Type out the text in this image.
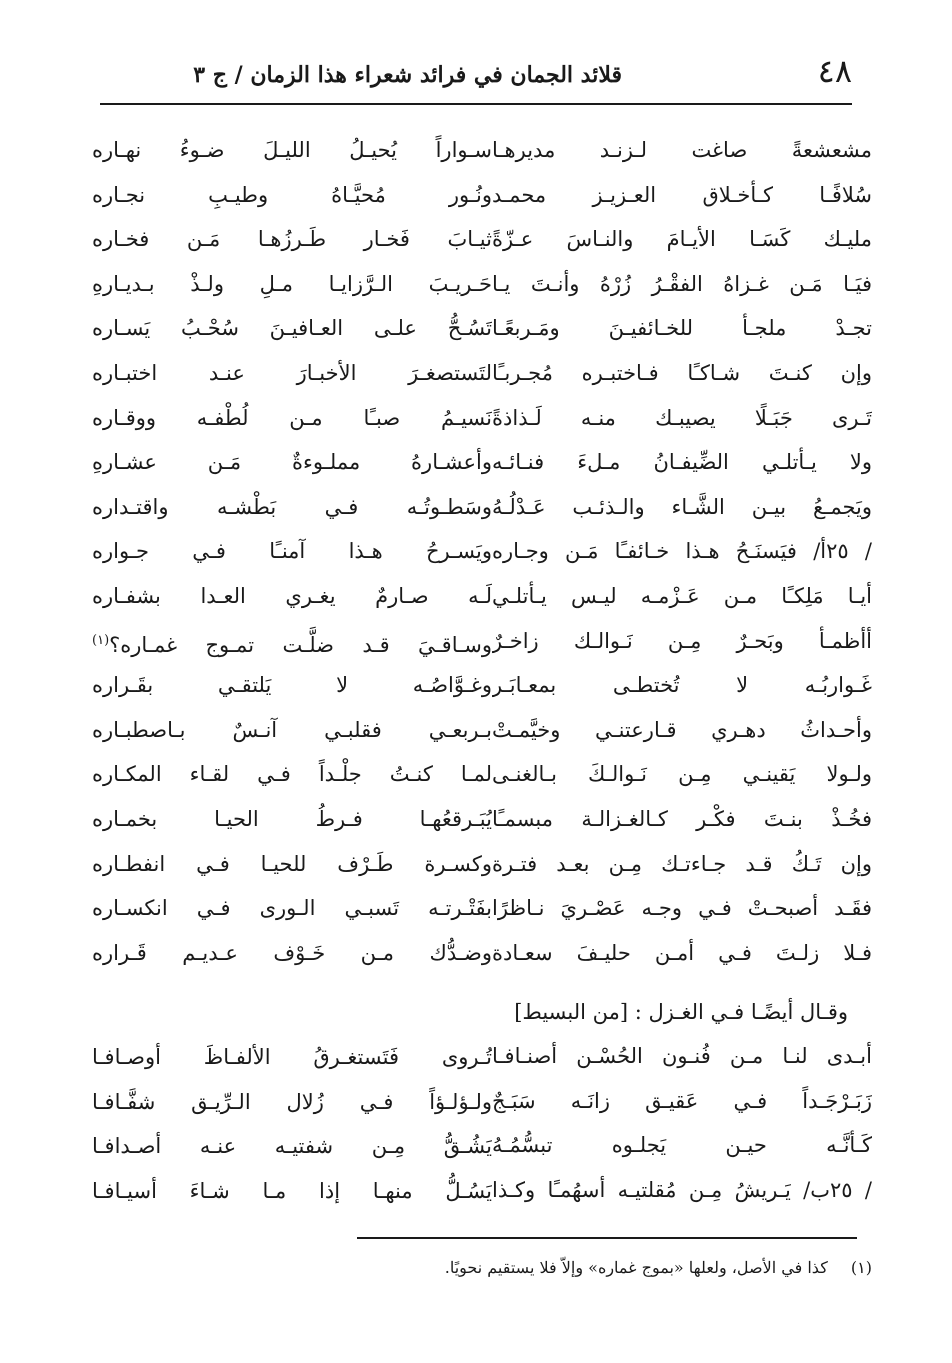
٤٨
قلائد الجمان في فرائد شعراء هذا الزمان / ج ٣
مشعشعةً صاغت لـزنـد مديرهـا
سُلافًـا كـأخـلاق العـزيـز محمـد
مليـك كَسَـا الأيـامَ والنـاسَ عـزّةً
فيَـا مَـن غـزاهُ الفقْـرُ زُرْهُ وأنـتَ يـا
تجـدْ ملجـأ للخـائفيـنَ ومَـربعًـا
وإن كنـتَ شـاكـًا فـاختبـره مُجـربـًا
تَـرى جَبَـلًا يصيبـك منـه لَـذاذةً
ولا يـأتلـي الضِّيفـانُ مـلءَ فنـائـه
ويَجمـعُ بيـن الشَّـاء والـذئـب عَـدْلُـهُ
/ ٢٥أ/ فيَسنَـحُ هـذا خـائفـًا مَـن وجـاره
أيـا مَلِكـًا مـن عَـزْمـه ليـس يـأتلـي
أأظمـأ وبَحـرٌ مِـن نَـوالـك زاخـرٌ
غَـواربُـه لا تُختطـى بمعـابَـر
وأحـداثُ دهـري قـارعتنـي وخيَّمـتْ
ولـولا يَقينـي مِـن نَـوالـكَ بـالغنـى
فخُـذْ بنـتَ فكْـر كـالغـزالـة مبسمـًا
وإن تَـكُ قـد جـاءتـك مِـن بعـد فتـرة
فقَـد أصبحـتْ فـي وجـه عَصْـريَ نـاظرًا
فـلا زلـتَ فـي أمـن حليـفَ سعـادة
سـواراً يُحيـلُ الليـلَ ضـوءُ نهـاره
ونُـور مُحيَّـاهُ وطيـبِ نجـاره
ثيـابَ فَخـار طَـرزُهـا مَـن فخـاره
حَـريـبَ الـرَّزايـا مـلِ ولـذْ بـديـارهِ
تَسُـحُّ علـى العـافيـنَ سُحْـبُ يَسـاره
لتَستصغـرَ الأخبـارَ عنـد اختبـاره
نَسيـمُ صبـًا مـن لُطْفـه ووقـاره
وأعشـارهُ مملـوءةٌ مَـن عشـارهِ
وسَطـوتُـه فـي بَطْشـه واقتـداره
ويَسـرحُ هـذا آمنـًا فـي جـواره
لَـه صـارمٌ يغـري العـدا بشفـاره
وسـاقـيَ قـد ضلَّـت تمـوج غمـاره؟$^{(١)}$
وغـوَّاصُـه لا يَلتقـي بقَـراره
بـربعـي فقلبـي آنـسٌ بـاصطبـاره
لمـا كنـتُ جلْـداً فـي لقـاء المكـاره
يُبَـرقعُهـا فـرطُ الحيـا بخمـاره
وكسـرة طَـرْف للحيـا فـي انفطـاره
بفَتْـرتـه تَسبـي الـورى فـي انكسـاره
وضـدُّك مـن خَـوْف عـديـم قَـراره
وقـال أيضًـا فـي الغـزل : [من البسيط]
أبـدى لنـا مـن فُنـون الحُسْـن أصنـافـا
زَبَـرْجَـداً فـي عَقيـق زانَـه سَبَـجٌ
كَـأنَّـه حيـن يَجلـوه تبسُّمُـهُ
/ ٢٥ب/ يَـريشُ مِـن مُقلتيـه أسهُمـًا وكـذا
تُـروى فَتَستغـرقُ الألفـاظَ أوصـافـا
ولـؤلـؤاً فـي زُلال الـرِّيـق شفَّـافـا
يَشُـقُّ مِـن شفتيـه عنـه أصـدافـا
يَسُـلُّ منهـا إذا مـا شـاءَ أسيـافـا
(١) كذا في الأصل، ولعلها «بموج غماره» وإلاّ فلا يستقيم نحويًا.
